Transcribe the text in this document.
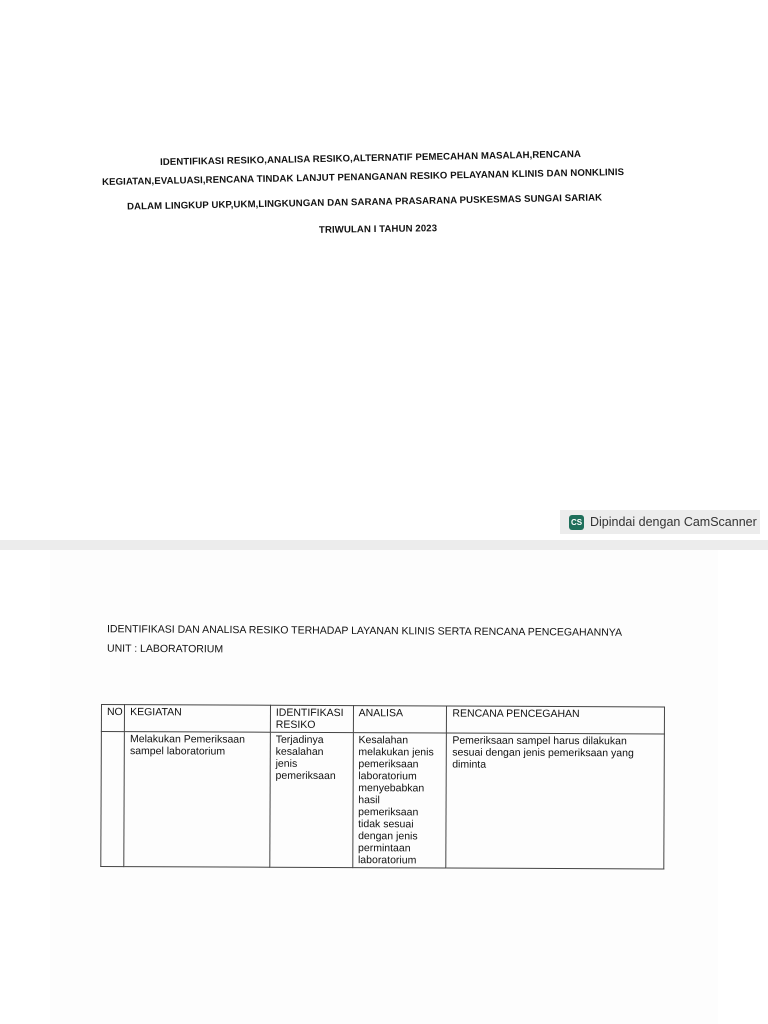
IDENTIFIKASI RESIKO,ANALISA RESIKO,ALTERNATIF PEMECAHAN MASALAH,RENCANA

KEGIATAN,EVALUASI,RENCANA TINDAK LANJUT PENANGANAN RESIKO PELAYANAN KLINIS DAN NONKLINIS

DALAM LINGKUP UKP,UKM,LINGKUNGAN DAN SARANA PRASARANA PUSKESMAS SUNGAI SARIAK

TRIWULAN I TAHUN 2023

CS Dipindai dengan CamScanner

IDENTIFIKASI DAN ANALISA RESIKO TERHADAP LAYANAN KLINIS SERTA RENCANA PENCEGAHANNYA

UNIT : LABORATORIUM

NO	KEGIATAN	IDENTIFIKASI RESIKO	ANALISA	RENCANA PENCEGAHAN
	Melakukan Pemeriksaan sampel laboratorium	Terjadinya kesalahan jenis pemeriksaan	Kesalahan melakukan jenis pemeriksaan laboratorium menyebabkan hasil pemeriksaan tidak sesuai dengan jenis permintaan laboratorium	Pemeriksaan sampel harus dilakukan sesuai dengan jenis pemeriksaan yang diminta
